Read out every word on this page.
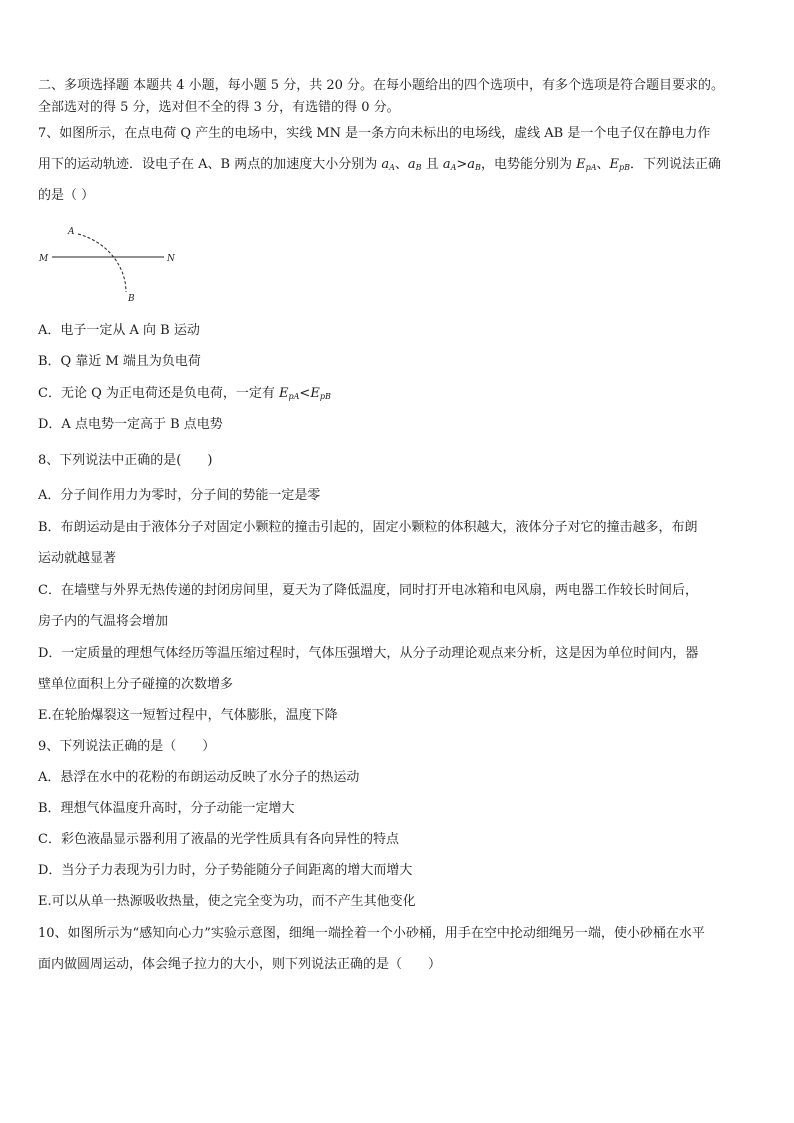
二、多项选择题 本题共 4 小题，每小题 5 分，共 20 分。在每小题给出的四个选项中，有多个选项是符合题目要求的。
全部选对的得 5 分，选对但不全的得 3 分，有选错的得 0 分。
7、如图所示，在点电荷 Q 产生的电场中，实线 MN 是一条方向未标出的电场线，虚线 AB 是一个电子仅在静电力作
用下的运动轨迹．设电子在 A、B 两点的加速度大小分别为 $a_A$、$a_B$ 且 $a_A>a_B$，电势能分别为 $E_{pA}$、$E_{pB}$．下列说法正确
的是（ ）
A
B
M	N
A．电子一定从 A 向 B 运动
B．Q 靠近 M 端且为负电荷
C．无论 Q 为正电荷还是负电荷，一定有 $E_{pA}<E_{pB}$
D．A 点电势一定高于 B 点电势
8、下列说法中正确的是(　　)
A．分子间作用力为零时，分子间的势能一定是零
B．布朗运动是由于液体分子对固定小颗粒的撞击引起的，固定小颗粒的体积越大，液体分子对它的撞击越多，布朗
运动就越显著
C．在墙壁与外界无热传递的封闭房间里，夏天为了降低温度，同时打开电冰箱和电风扇，两电器工作较长时间后，
房子内的气温将会增加
D．一定质量的理想气体经历等温压缩过程时，气体压强增大，从分子动理论观点来分析，这是因为单位时间内，器
壁单位面积上分子碰撞的次数增多
E.在轮胎爆裂这一短暂过程中，气体膨胀，温度下降
9、下列说法正确的是（　　）
A．悬浮在水中的花粉的布朗运动反映了水分子的热运动
B．理想气体温度升高时，分子动能一定增大
C．彩色液晶显示器利用了液晶的光学性质具有各向异性的特点
D．当分子力表现为引力时，分子势能随分子间距离的增大而增大
E.可以从单一热源吸收热量，使之完全变为功，而不产生其他变化
10、如图所示为“感知向心力”实验示意图，细绳一端拴着一个小砂桶，用手在空中抡动细绳另一端，使小砂桶在水平
面内做圆周运动，体会绳子拉力的大小，则下列说法正确的是（　　）
